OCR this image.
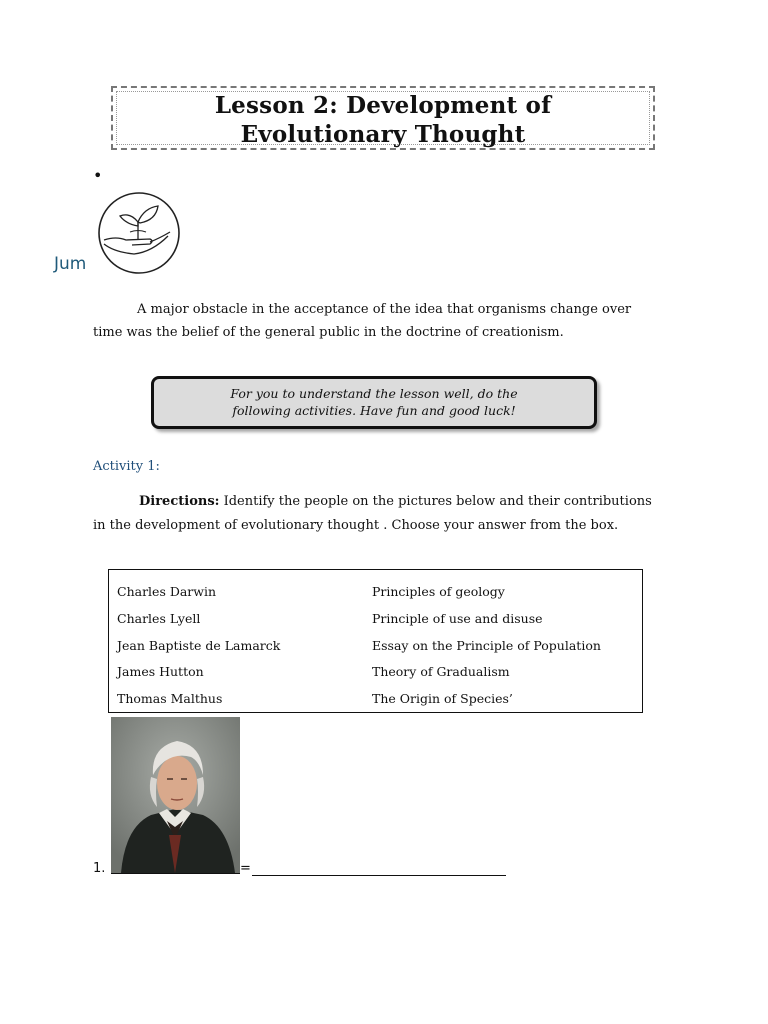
Lesson 2: Development of
Evolutionary Thought
•
Jum
A major obstacle in the acceptance of the idea that organisms change over
time was the belief of the general public in the doctrine of creationism.
For you to understand the lesson well, do the
following activities. Have fun and good luck!
Activity 1:
Directions: Identify the people on the pictures below and their contributions
in the development of evolutionary thought . Choose your answer from the box.
Charles Darwin
Charles Lyell
Jean Baptiste de Lamarck
James Hutton
Thomas Malthus
Principles of geology
Principle of use and disuse
Essay on the Principle of Population
Theory of Gradualism
The Origin of Species’
1.	=
